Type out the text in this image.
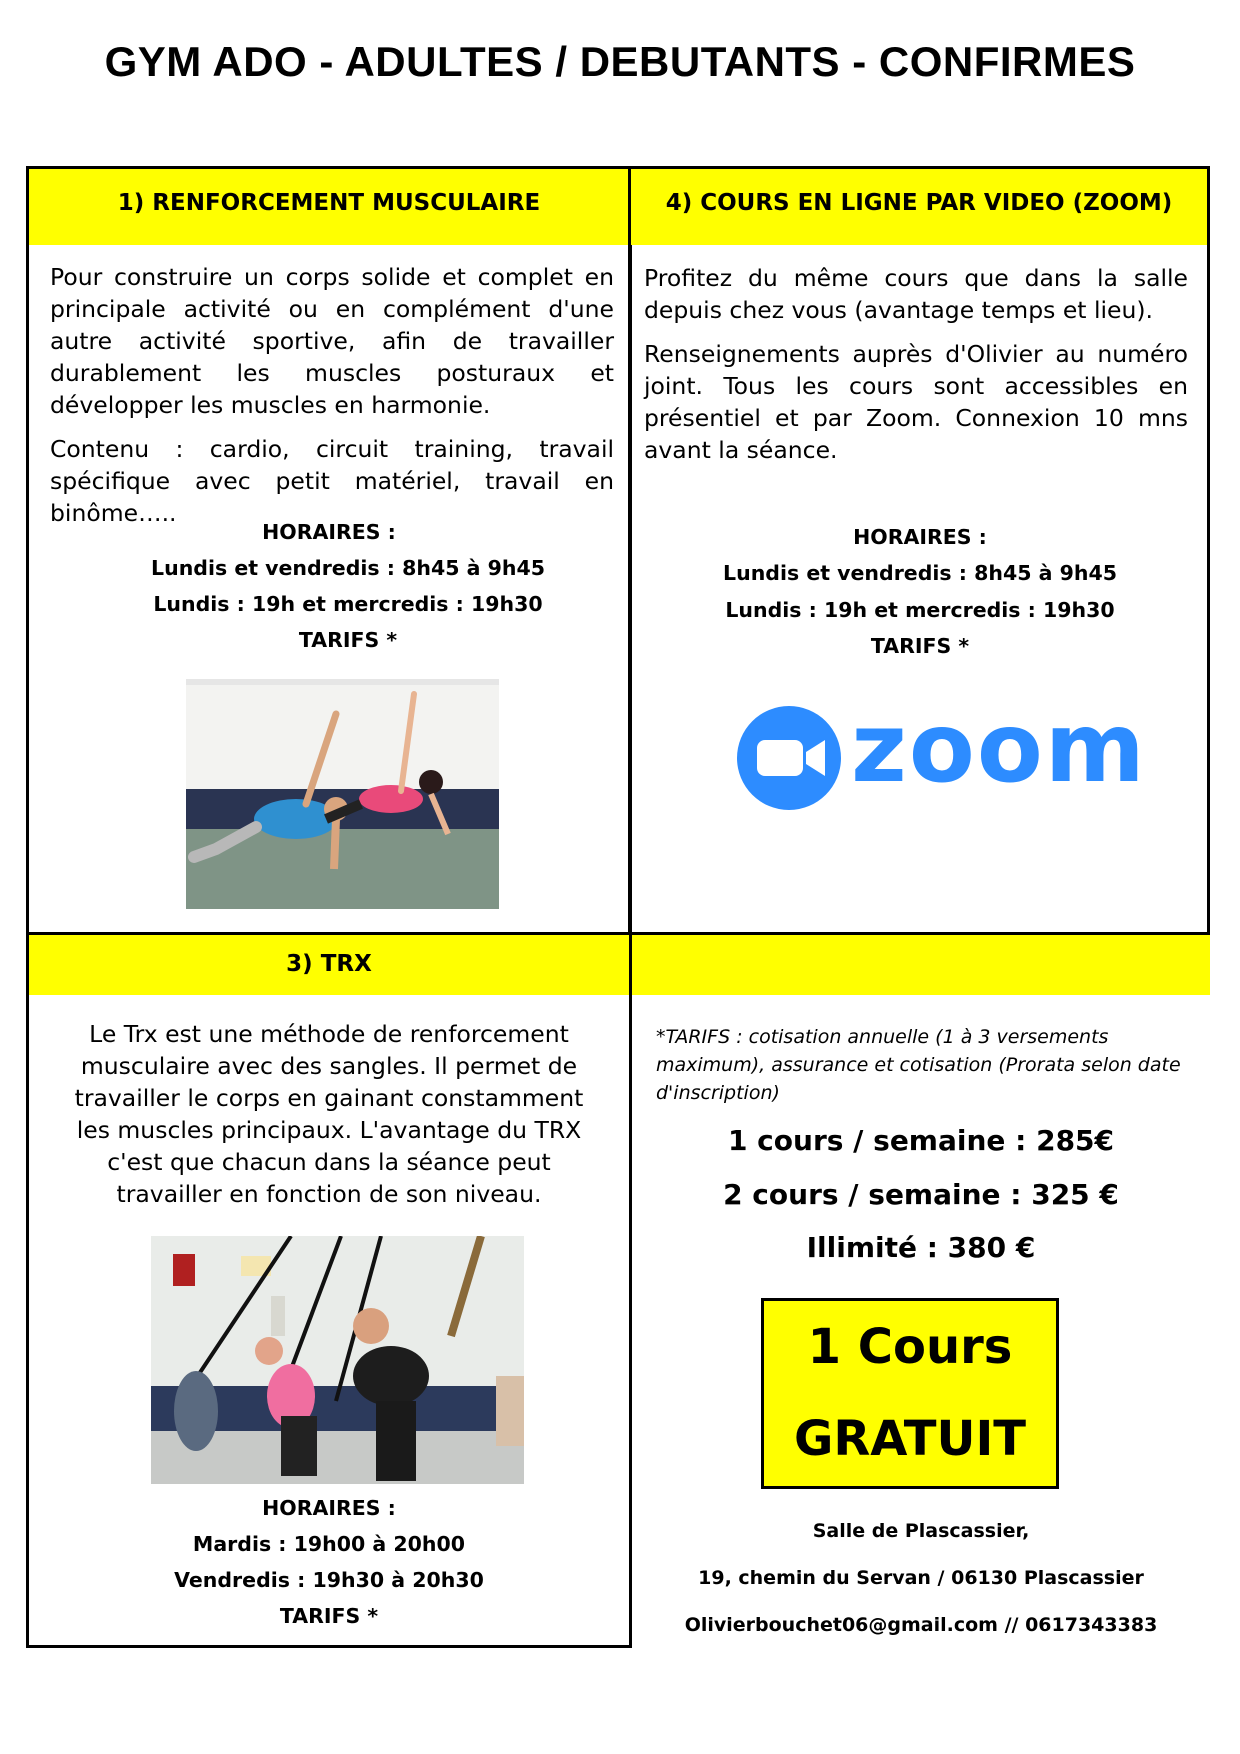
GYM ADO - ADULTES / DEBUTANTS - CONFIRMES
1) RENFORCEMENT MUSCULAIRE

Pour construire un corps solide et complet en principale activité ou en complément d'une autre activité sportive, afin de travailler durablement les muscles posturaux et développer les muscles en harmonie.

Contenu : cardio, circuit training, travail spécifique avec petit matériel, travail en binôme…..

HORAIRES :
Lundis et vendredis : 8h45 à 9h45
Lundis : 19h et mercredis : 19h30
TARIFS *
4) COURS EN LIGNE PAR VIDEO (ZOOM)

Profitez du même cours que dans la salle depuis chez vous (avantage temps et lieu).

Renseignements auprès d'Olivier au numéro joint. Tous les cours sont accessibles en présentiel et par Zoom. Connexion 10 mns avant la séance.

HORAIRES :
Lundis et vendredis : 8h45 à 9h45
Lundis : 19h et mercredis : 19h30
TARIFS *
zoom
3) TRX

Le Trx est une méthode de renforcement musculaire avec des sangles. Il permet de travailler le corps en gainant constamment les muscles principaux. L'avantage du TRX c'est que chacun dans la séance peut travailler en fonction de son niveau.

HORAIRES :
Mardis : 19h00 à 20h00
Vendredis : 19h30 à 20h30
TARIFS *
*TARIFS : cotisation annuelle (1 à 3 versements maximum), assurance et cotisation (Prorata selon date d'inscription)
1 cours / semaine : 285€
2 cours / semaine : 325 €
Illimité : 380 €
1 Cours
GRATUIT
Salle de Plascassier,
19, chemin du Servan / 06130 Plascassier
Olivierbouchet06@gmail.com // 0617343383
